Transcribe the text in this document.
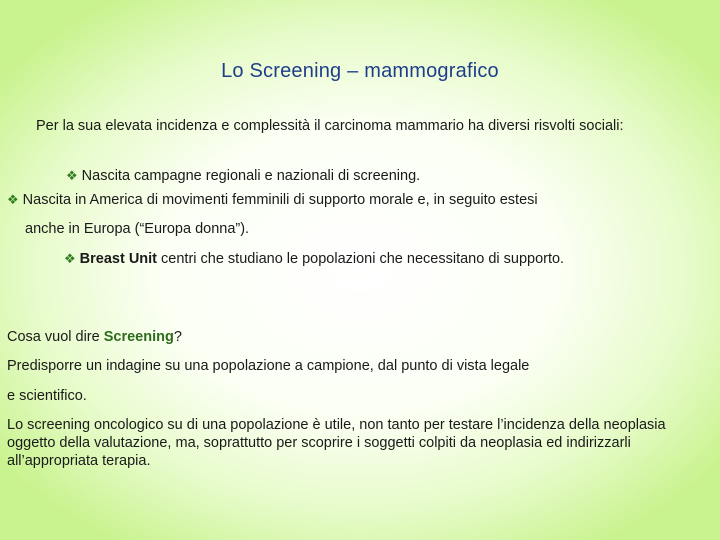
Lo Screening – mammografico
Per la sua elevata incidenza e complessità il carcinoma mammario ha diversi risvolti sociali:
❖ Nascita campagne regionali e nazionali di screening.
❖ Nascita in America di movimenti femminili di supporto morale e, in seguito estesi
anche in Europa (“Europa donna”).
❖ Breast Unit centri che studiano le popolazioni che necessitano di supporto.
Cosa vuol dire Screening?
Predisporre un indagine su una popolazione a campione, dal punto di vista legale
e scientifico.
Lo screening oncologico su di una popolazione è utile, non tanto per testare l’incidenza della neoplasia oggetto della valutazione, ma, soprattutto per scoprire i soggetti colpiti da neoplasia ed indirizzarli all’appropriata terapia.
